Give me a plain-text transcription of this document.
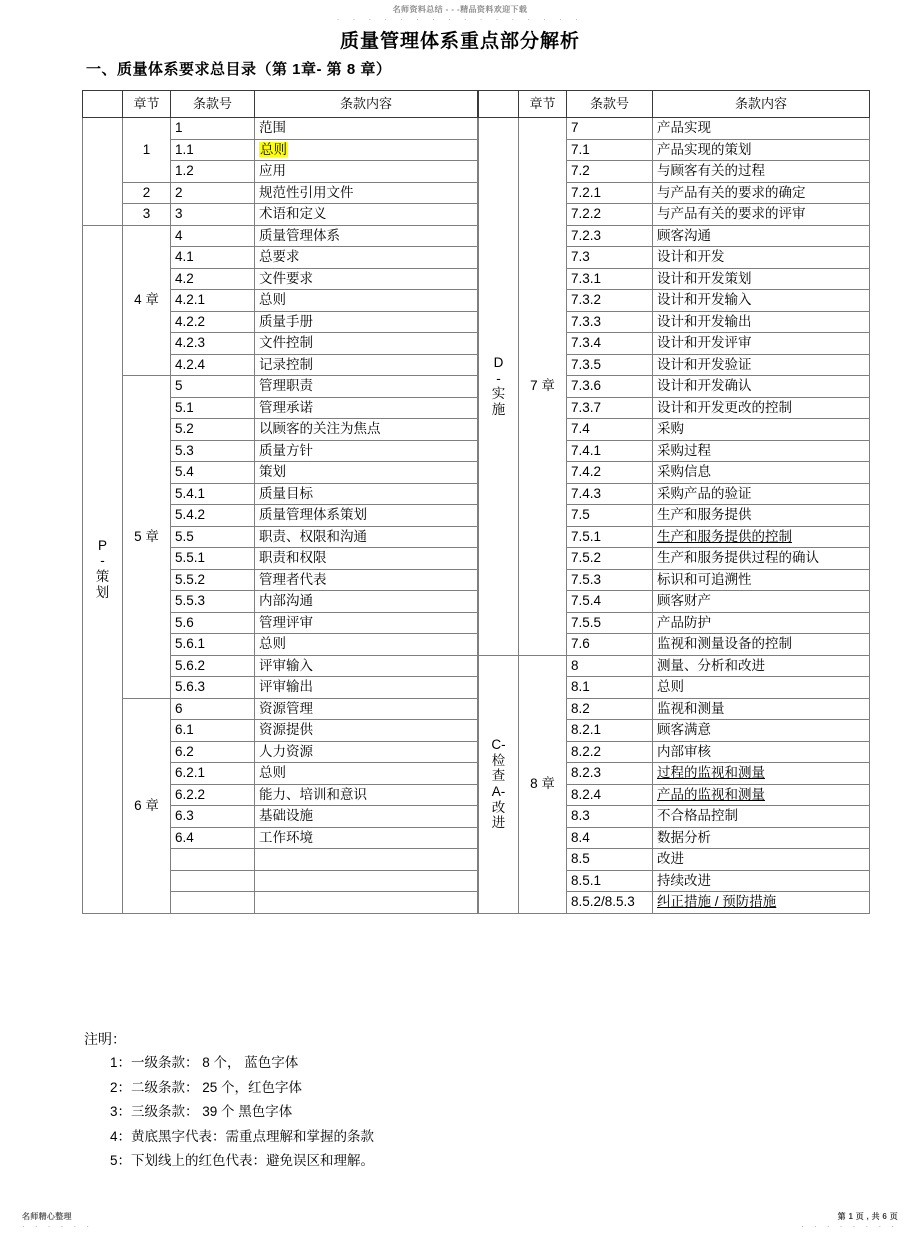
名师资料总结 - - -精品资料欢迎下载
· · · · · · · · · · · · · · · ·
质量管理体系重点部分解析
一、质量体系要求总目录（第 1章- 第 8 章）
	章节	条款号	条款内容
	1	1	范围
		1.1	总则
		1.2	应用
	2	2	规范性引用文件
	3	3	术语和定义

P
-
策
划	4 章	4	质量管理体系
		4.1	总要求
		4.2	文件要求
		4.2.1	总则
		4.2.2	质量手册
		4.2.3	文件控制
		4.2.4	记录控制
	5 章	5	管理职责
		5.1	管理承诺
		5.2	以顾客的关注为焦点
		5.3	质量方针
		5.4	策划
		5.4.1	质量目标
		5.4.2	质量管理体系策划
		5.5	职责、权限和沟通
		5.5.1	职责和权限
		5.5.2	管理者代表
		5.5.3	内部沟通
		5.6	管理评审
		5.6.1	总则
		5.6.2	评审输入
		5.6.3	评审输出
	6 章	6	资源管理
		6.1	资源提供
		6.2	人力资源
		6.2.1	总则
		6.2.2	能力、培训和意识
		6.3	基础设施
		6.4	工作环境

	章节	条款号	条款内容

D
-
实
施	7 章	7	产品实现
		7.1	产品实现的策划
		7.2	与顾客有关的过程
		7.2.1	与产品有关的要求的确定
		7.2.2	与产品有关的要求的评审
		7.2.3	顾客沟通
		7.3	设计和开发
		7.3.1	设计和开发策划
		7.3.2	设计和开发输入
		7.3.3	设计和开发输出
		7.3.4	设计和开发评审
		7.3.5	设计和开发验证
		7.3.6	设计和开发确认
		7.3.7	设计和开发更改的控制
		7.4	采购
		7.4.1	采购过程
		7.4.2	采购信息
		7.4.3	采购产品的验证
		7.5	生产和服务提供
		7.5.1	生产和服务提供的控制
		7.5.2	生产和服务提供过程的确认
		7.5.3	标识和可追溯性
		7.5.4	顾客财产
		7.5.5	产品防护
		7.6	监视和测量设备的控制

C-
检
查
A-
改
进
	8 章	8	测量、分析和改进
		8.1	总则
		8.2	监视和测量
		8.2.1	顾客满意
		8.2.2	内部审核
		8.2.3	过程的监视和测量
		8.2.4	产品的监视和测量
		8.3	不合格品控制
		8.4	数据分析
		8.5	改进
		8.5.1	持续改进
		8.5.2/8.5.3	纠正措施 / 预防措施
注明：
1：一级条款： 8 个， 蓝色字体
2：二级条款： 25 个，红色字体
3：三级条款： 39 个 黑色字体
4：黄底黑字代表：需重点理解和掌握的条款
5：下划线上的红色代表：避免误区和理解。
名师精心整理
· · · · · ·
第 1 页 , 共 6 页
· · · · · · · ·
